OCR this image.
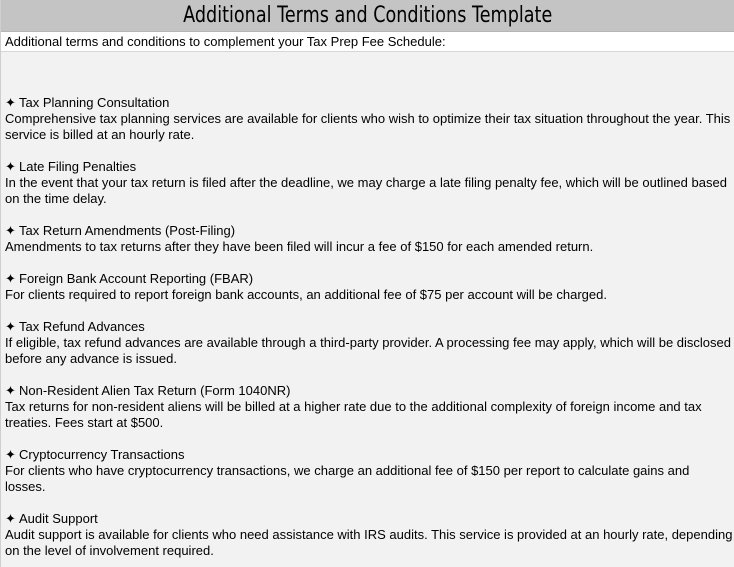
Additional Terms and Conditions Template
Additional terms and conditions to complement your Tax Prep Fee Schedule:
✦ Tax Planning Consultation
Comprehensive tax planning services are available for clients who wish to optimize their tax situation throughout the year. This service is billed at an hourly rate.
✦ Late Filing Penalties
In the event that your tax return is filed after the deadline, we may charge a late filing penalty fee, which will be outlined based on the time delay.
✦ Tax Return Amendments (Post-Filing)
Amendments to tax returns after they have been filed will incur a fee of $150 for each amended return.
✦ Foreign Bank Account Reporting (FBAR)
For clients required to report foreign bank accounts, an additional fee of $75 per account will be charged.
✦ Tax Refund Advances
If eligible, tax refund advances are available through a third-party provider. A processing fee may apply, which will be disclosed before any advance is issued.
✦ Non-Resident Alien Tax Return (Form 1040NR)
Tax returns for non-resident aliens will be billed at a higher rate due to the additional complexity of foreign income and tax treaties. Fees start at $500.
✦ Cryptocurrency Transactions
For clients who have cryptocurrency transactions, we charge an additional fee of $150 per report to calculate gains and losses.
✦ Audit Support
Audit support is available for clients who need assistance with IRS audits. This service is provided at an hourly rate, depending on the level of involvement required.
